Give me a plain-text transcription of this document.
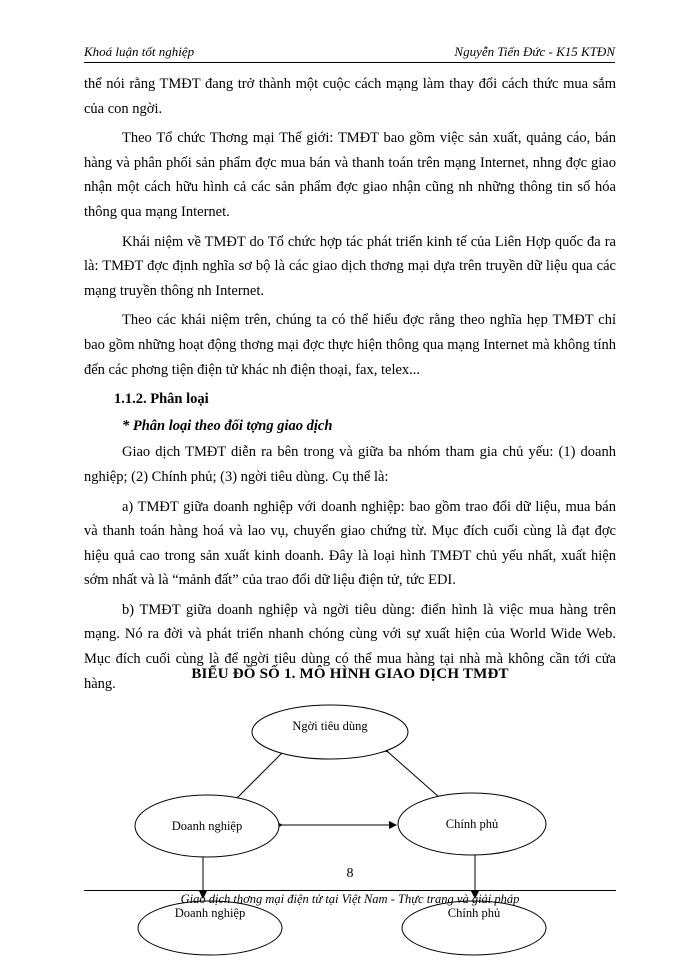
Khoá luận tốt nghiệp	Nguyễn Tiến Đức - K15 KTĐN

thể nói rằng TMĐT đang trở thành một cuộc cách mạng làm thay đổi cách thức mua sắm của con ngời.

Theo Tổ chức Thơng mại Thế giới: TMĐT bao gồm việc sản xuất, quảng cáo, bán hàng và phân phối sản phẩm đợc mua bán và thanh toán trên mạng Internet, nhng đợc giao nhận một cách hữu hình cả các sản phẩm đợc giao nhận cũng nh những thông tin số hóa thông qua mạng Internet.

Khái niệm về TMĐT do Tổ chức hợp tác phát triển kinh tế của Liên Hợp quốc đa ra là: TMĐT đợc định nghĩa sơ bộ là các giao dịch thơng mại dựa trên truyền dữ liệu qua các mạng truyền thông nh Internet.

Theo các khái niệm trên, chúng ta có thể hiểu đợc rằng theo nghĩa hẹp TMĐT chỉ bao gồm những hoạt động thơng mại đợc thực hiện thông qua mạng Internet mà không tính đến các phơng tiện điện tử khác nh điện thoại, fax, telex...

1.1.2. Phân loại

* Phân loại theo đối tợng giao dịch

Giao dịch TMĐT diễn ra bên trong và giữa ba nhóm tham gia chủ yếu: (1) doanh nghiệp; (2) Chính phủ; (3) ngời tiêu dùng. Cụ thể là:

a) TMĐT giữa doanh nghiệp với doanh nghiệp: bao gồm trao đổi dữ liệu, mua bán và thanh toán hàng hoá và lao vụ, chuyển giao chứng từ. Mục đích cuối cùng là đạt đợc hiệu quả cao trong sản xuất kinh doanh. Đây là loại hình TMĐT chủ yếu nhất, xuất hiện sớm nhất và là “mảnh đất” của trao đổi dữ liệu điện tử, tức EDI.

b) TMĐT giữa doanh nghiệp và ngời tiêu dùng: điển hình là việc mua hàng trên mạng. Nó ra đời và phát triển nhanh chóng cùng với sự xuất hiện của World Wide Web. Mục đích cuối cùng là để ngời tiêu dùng có thể mua hàng tại nhà mà không cần tới cửa hàng.

BIỂU ĐỒ SỐ 1. MÔ HÌNH GIAO DỊCH TMĐT
Ngời tiêu dùng
Doanh nghiệp	Chính phủ
Doanh nghiệp	Chính phủ
8
Giao dịch thơng mại điện tử tại Việt Nam - Thực trạng và giải pháp
